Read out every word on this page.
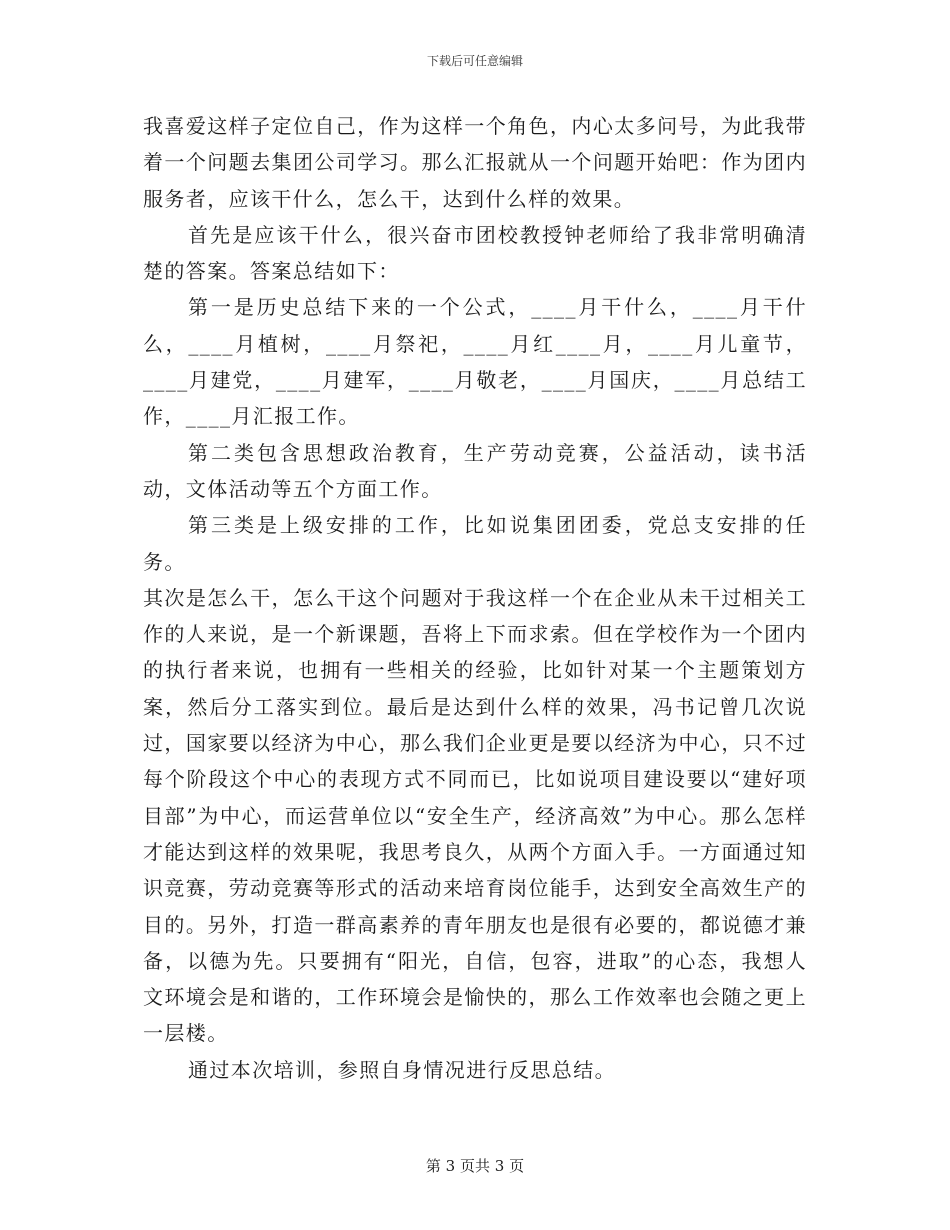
下载后可任意编辑

我喜爱这样子定位自己，作为这样一个角色，内心太多问号，为此我带着一个问题去集团公司学习。那么汇报就从一个问题开始吧：作为团内服务者，应该干什么，怎么干，达到什么样的效果。

首先是应该干什么，很兴奋市团校教授钟老师给了我非常明确清楚的答案。答案总结如下：

第一是历史总结下来的一个公式，____月干什么，____月干什么，____月植树，____月祭祀，____月红____月，____月儿童节，____月建党，____月建军，____月敬老，____月国庆，____月总结工作，____月汇报工作。

第二类包含思想政治教育，生产劳动竞赛，公益活动，读书活动，文体活动等五个方面工作。

第三类是上级安排的工作，比如说集团团委，党总支安排的任务。

其次是怎么干，怎么干这个问题对于我这样一个在企业从未干过相关工作的人来说，是一个新课题，吾将上下而求索。但在学校作为一个团内的执行者来说，也拥有一些相关的经验，比如针对某一个主题策划方案，然后分工落实到位。最后是达到什么样的效果，冯书记曾几次说过，国家要以经济为中心，那么我们企业更是要以经济为中心，只不过每个阶段这个中心的表现方式不同而已，比如说项目建设要以“建好项目部”为中心，而运营单位以“安全生产，经济高效”为中心。那么怎样才能达到这样的效果呢，我思考良久，从两个方面入手。一方面通过知识竞赛，劳动竞赛等形式的活动来培育岗位能手，达到安全高效生产的目的。另外，打造一群高素养的青年朋友也是很有必要的，都说德才兼备，以德为先。只要拥有“阳光，自信，包容，进取”的心态，我想人文环境会是和谐的，工作环境会是愉快的，那么工作效率也会随之更上一层楼。

通过本次培训，参照自身情况进行反思总结。

第 3 页共 3 页
